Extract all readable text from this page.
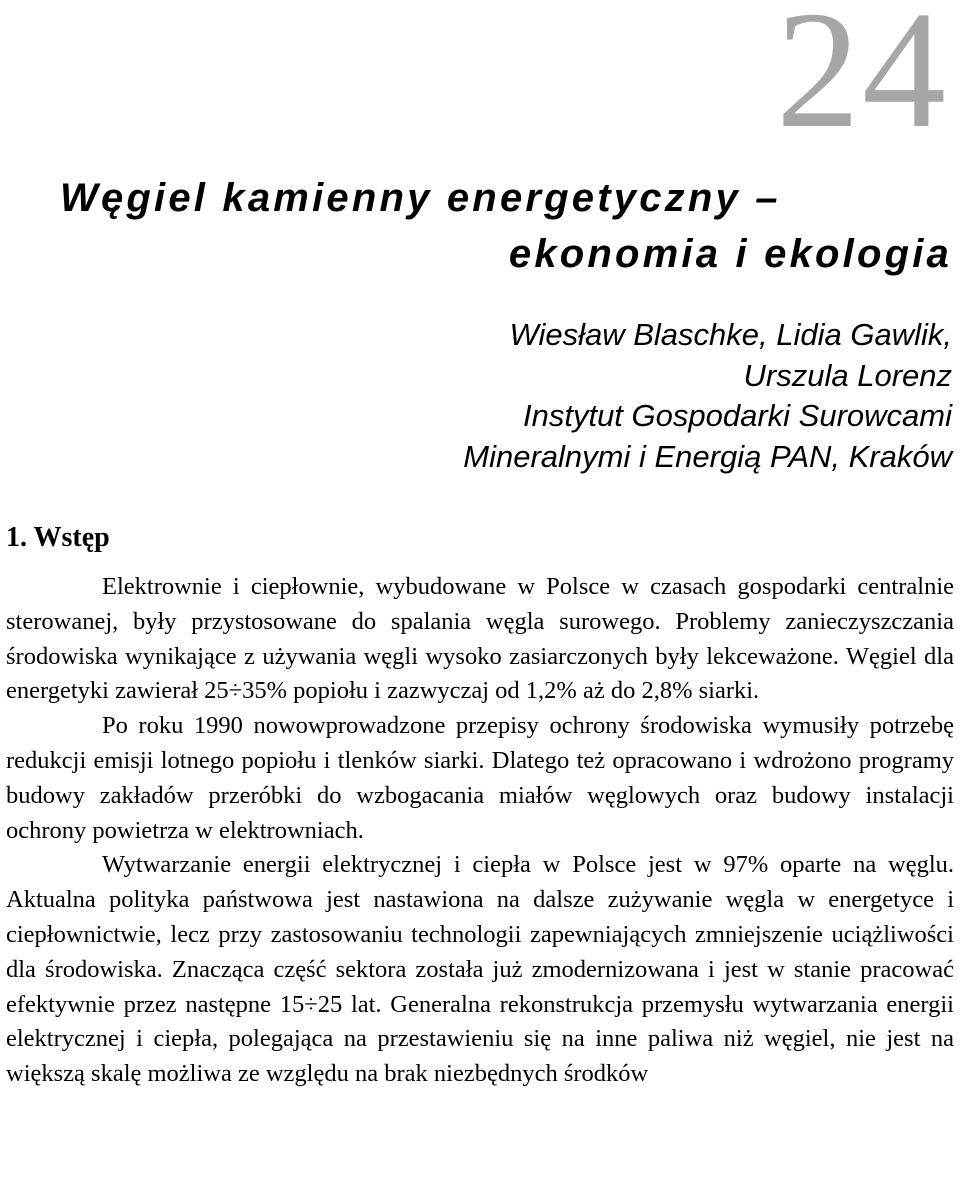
24
Węgiel kamienny energetyczny –
ekonomia i ekologia
Wiesław Blaschke, Lidia Gawlik,
Urszula Lorenz
Instytut Gospodarki Surowcami
Mineralnymi i Energią PAN, Kraków
1. Wstęp

Elektrownie i ciepłownie, wybudowane w Polsce w czasach gospodarki centralnie sterowanej, były przystosowane do spalania węgla surowego. Problemy zanieczyszczania środowiska wynikające z używania węgli wysoko zasiarczonych były lekceważone. Węgiel dla energetyki zawierał 25÷35% popiołu i zazwyczaj od 1,2% aż do 2,8% siarki.

Po roku 1990 nowowprowadzone przepisy ochrony środowiska wymusiły potrzebę redukcji emisji lotnego popiołu i tlenków siarki. Dlatego też opracowano i wdrożono programy budowy zakładów przeróbki do wzbogacania miałów węglowych oraz budowy instalacji ochrony powietrza w elektrowniach.

Wytwarzanie energii elektrycznej i ciepła w Polsce jest w 97% oparte na węglu. Aktualna polityka państwowa jest nastawiona na dalsze zużywanie węgla w energetyce i ciepłownictwie, lecz przy zastosowaniu technologii zapewniających zmniejszenie uciążliwości dla środowiska. Znacząca część sektora została już zmodernizowana i jest w stanie pracować efektywnie przez następne 15÷25 lat. Generalna rekonstrukcja przemysłu wytwarzania energii elektrycznej i ciepła, polegająca na przestawieniu się na inne paliwa niż węgiel, nie jest na większą skalę możliwa ze względu na brak niezbędnych środków
